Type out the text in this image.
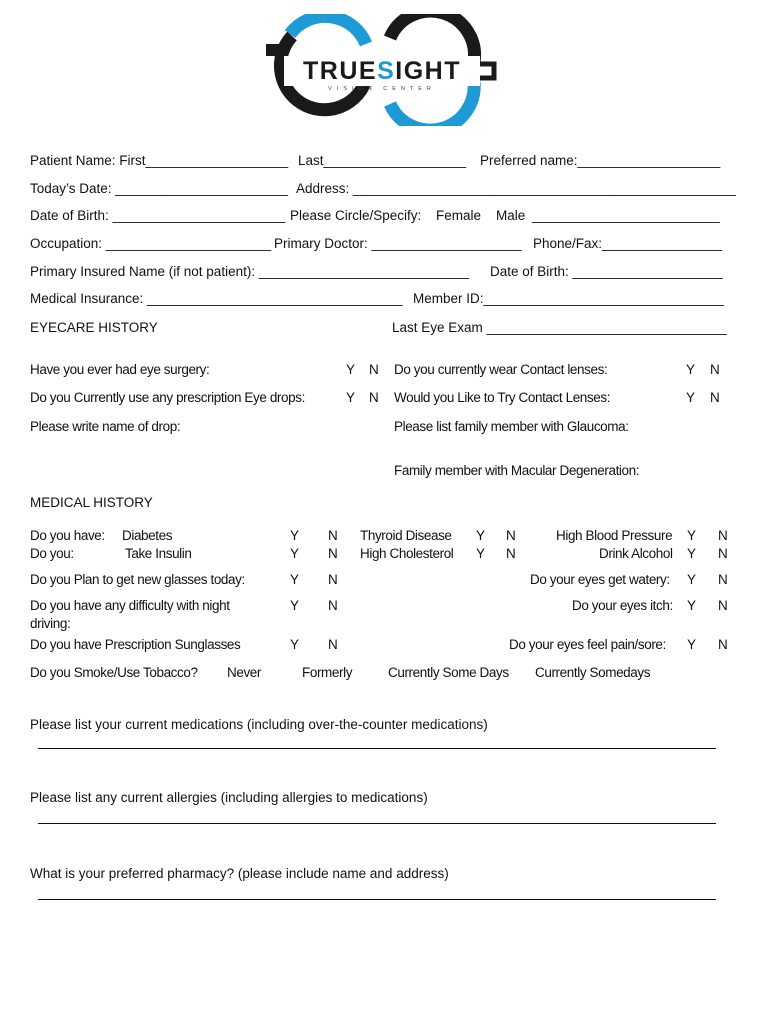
TRUESIGHT
VISION CENTER
Patient Name: First___________________ Last___________________ Preferred name:___________________
Today’s Date: _______________________ Address: ___________________________________________________
Date of Birth: _______________________ Please Circle/Specify: Female Male _________________________
Occupation: ______________________ Primary Doctor: ____________________ Phone/Fax:________________
Primary Insured Name (if not patient): ____________________________ Date of Birth: ____________________
Medical Insurance: __________________________________ Member ID:________________________________
EYECARE HISTORY	Last Eye Exam ________________________________
Have you ever had eye surgery:	Y N Do you currently wear Contact lenses:	Y N
Do you Currently use any prescription Eye drops:	Y N Would you Like to Try Contact Lenses:	Y N
Please write name of drop:	Please list family member with Glaucoma:
Family member with Macular Degeneration:
MEDICAL HISTORY
Do you have: Diabetes	Y N Thyroid Disease Y N	High Blood Pressure Y N
Do you:	Take Insulin	Y N High Cholesterol Y N	Drink Alcohol Y N
Do you Plan to get new glasses today:	Y N	Do your eyes get watery: Y N
Do you have any difficulty with night
driving:
Y N	Do your eyes itch: Y N
Do you have Prescription Sunglasses	Y N	Do your eyes feel pain/sore: Y N
Do you Smoke/Use Tobacco? Never	Formerly	Currently Some Days Currently Somedays
Please list your current medications (including over-the-counter medications)
Please list any current allergies (including allergies to medications)
What is your preferred pharmacy? (please include name and address)
